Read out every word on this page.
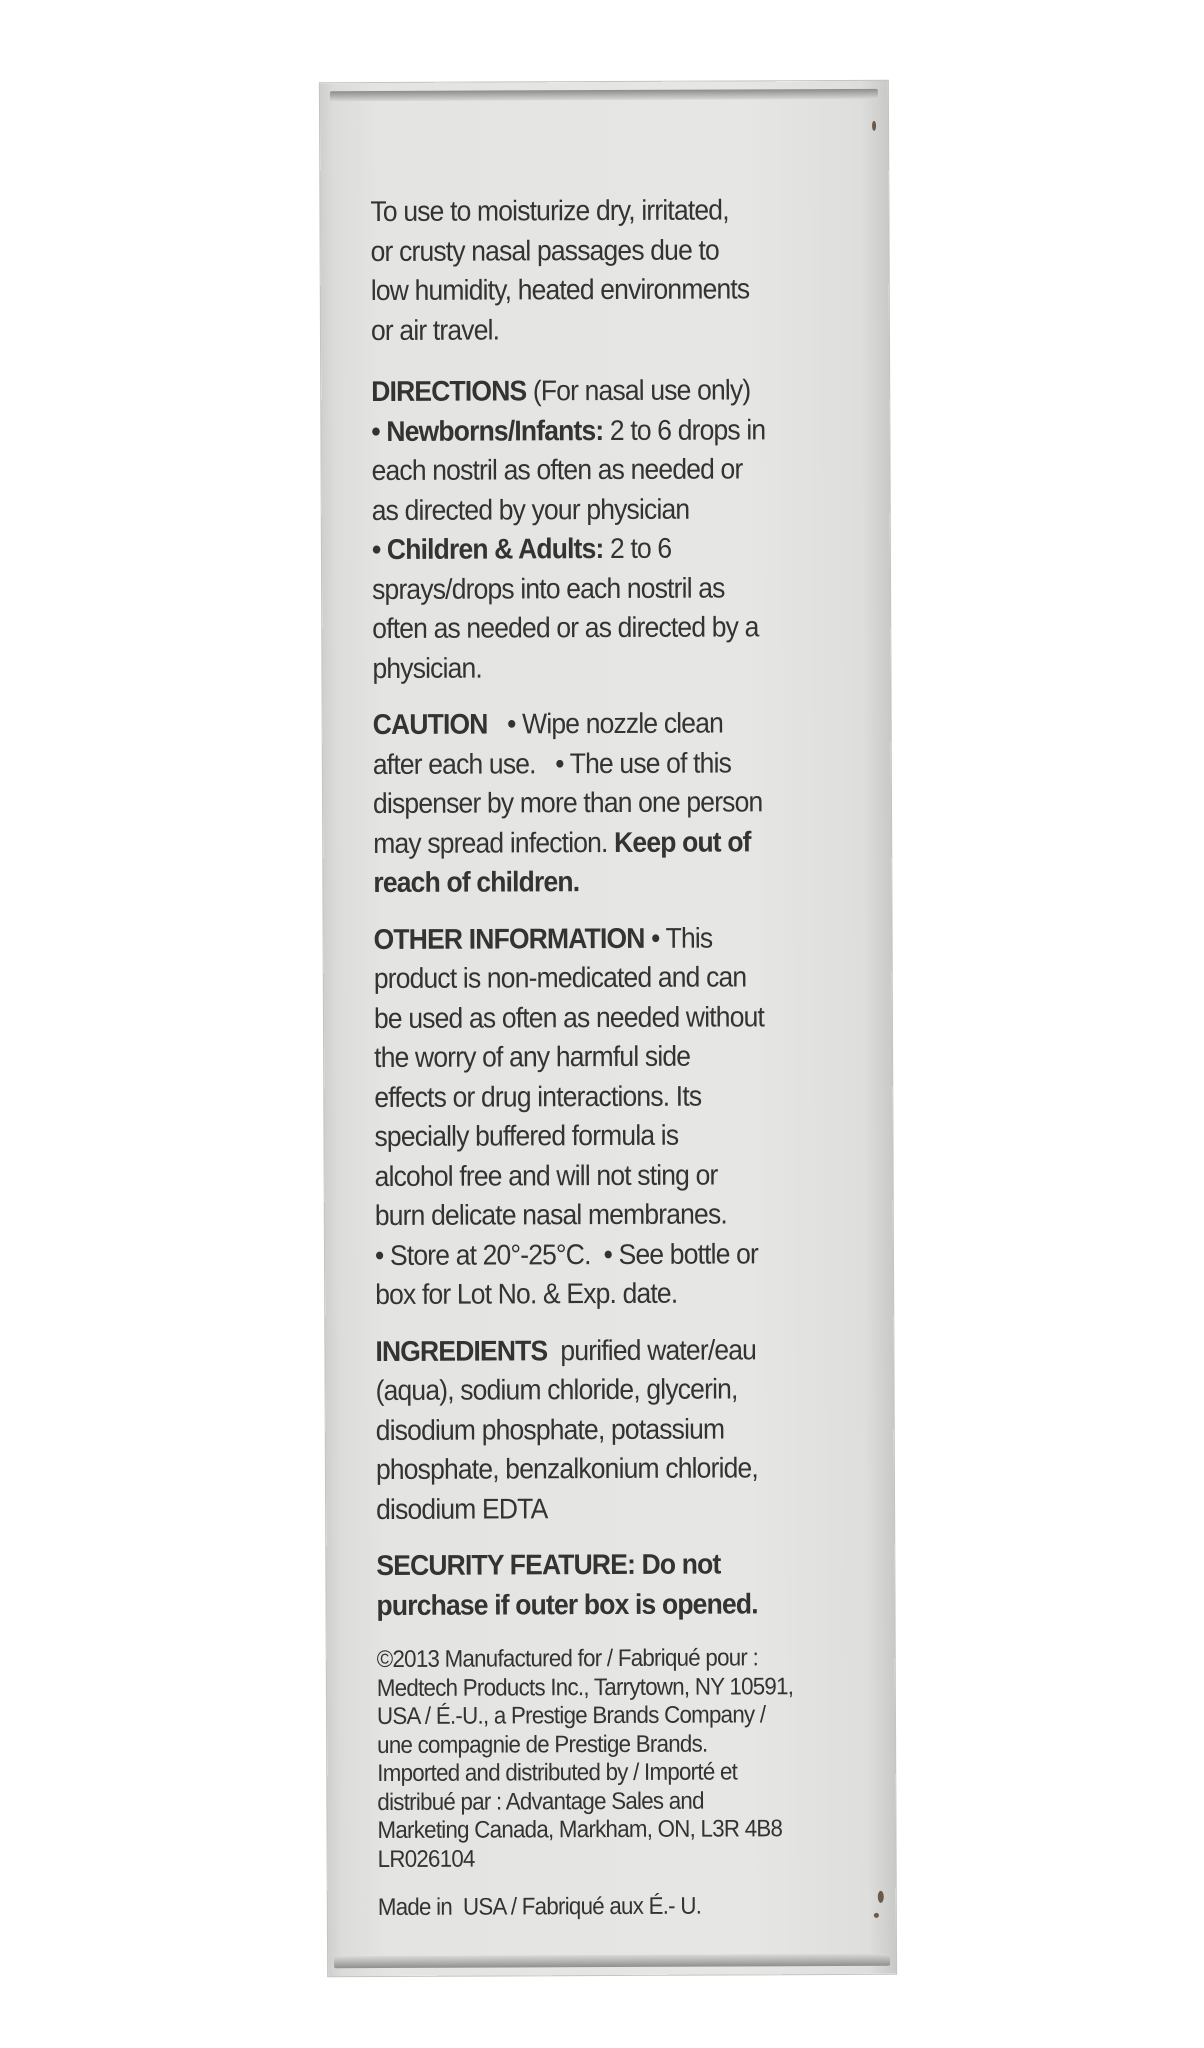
To use to moisturize dry, irritated,
or crusty nasal passages due to
low humidity, heated environments
or air travel.

DIRECTIONS (For nasal use only)
• Newborns/Infants: 2 to 6 drops in
each nostril as often as needed or
as directed by your physician
• Children & Adults: 2 to 6
sprays/drops into each nostril as
often as needed or as directed by a
physician.

CAUTION   • Wipe nozzle clean
after each use.   • The use of this
dispenser by more than one person
may spread infection. Keep out of
reach of children.

OTHER INFORMATION • This
product is non-medicated and can
be used as often as needed without
the worry of any harmful side
effects or drug interactions. Its
specially buffered formula is
alcohol free and will not sting or
burn delicate nasal membranes.
• Store at 20°-25°C.  • See bottle or
box for Lot No. & Exp. date.

INGREDIENTS  purified water/eau
(aqua), sodium chloride, glycerin,
disodium phosphate, potassium
phosphate, benzalkonium chloride,
disodium EDTA

SECURITY FEATURE: Do not
purchase if outer box is opened.

©2013 Manufactured for / Fabriqué pour :
Medtech Products Inc., Tarrytown, NY 10591,
USA / É.-U., a Prestige Brands Company /
une compagnie de Prestige Brands.
Imported and distributed by / Importé et
distribué par : Advantage Sales and
Marketing Canada, Markham, ON, L3R 4B8
LR026104

Made in  USA / Fabriqué aux É.- U.
